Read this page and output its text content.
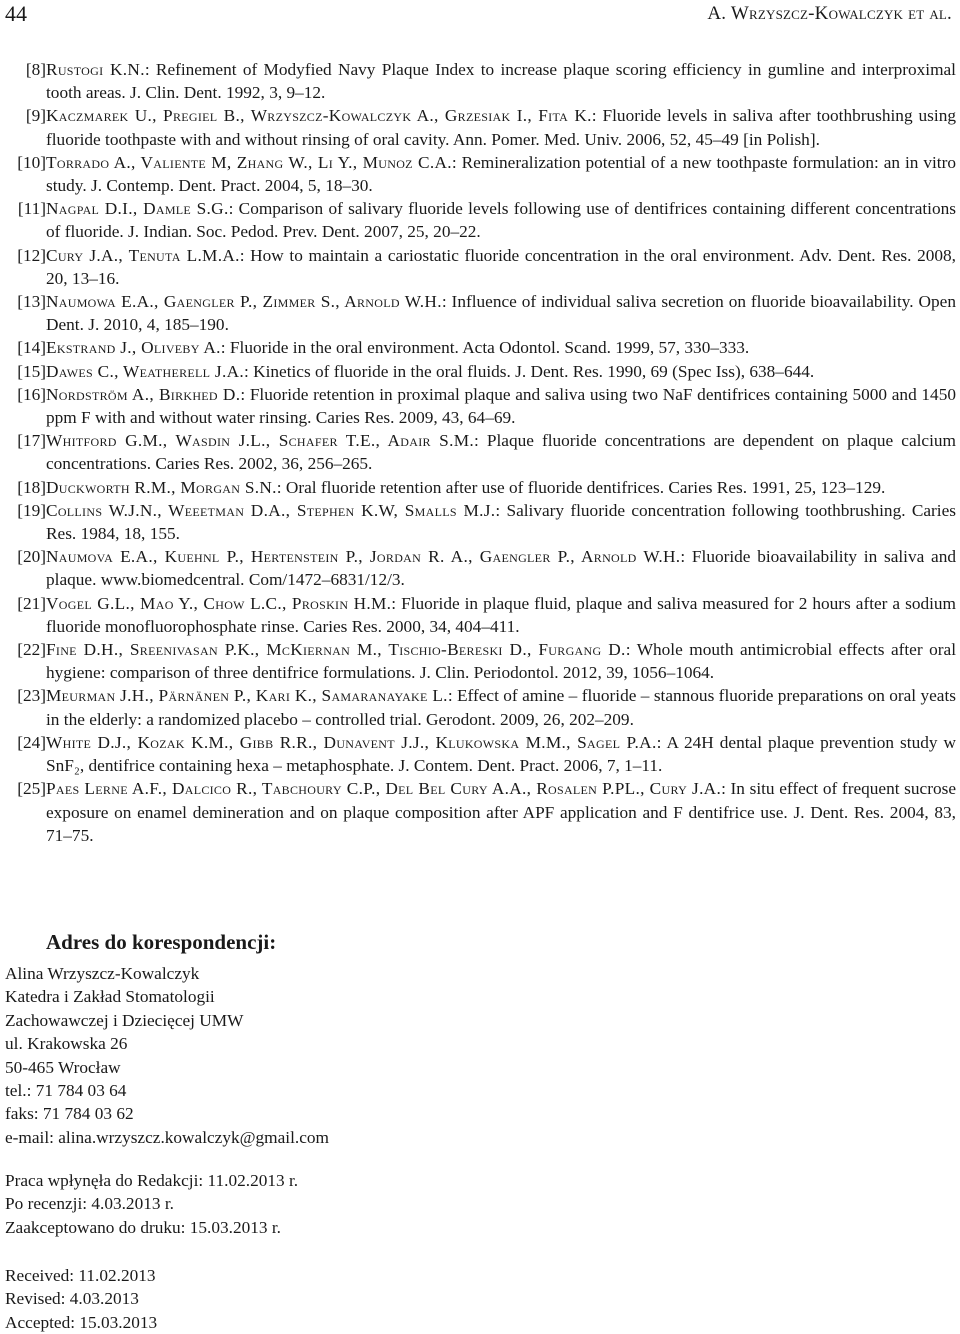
44	A. Wrzyszcz-Kowalczyk et al.
[8] Rustogi K.N.: Refinement of Modyfied Navy Plaque Index to increase plaque scoring efficiency in gumline and interproximal tooth areas. J. Clin. Dent. 1992, 3, 9–12.
[9] Kaczmarek U., Pregiel B., Wrzyszcz-Kowalczyk A., Grzesiak I., Fita K.: Fluoride levels in saliva after toothbrushing using fluoride toothpaste with and without rinsing of oral cavity. Ann. Pomer. Med. Univ. 2006, 52, 45–49 [in Polish].
[10] Torrado A., Valiente M, Zhang W., Li Y., Munoz C.A.: Remineralization potential of a new toothpaste formulation: an in vitro study. J. Contemp. Dent. Pract. 2004, 5, 18–30.
[11] Nagpal D.I., Damle S.G.: Comparison of salivary fluoride levels following use of dentifrices containing different concentrations of fluoride. J. Indian. Soc. Pedod. Prev. Dent. 2007, 25, 20–22.
[12] Cury J.A., Tenuta L.M.A.: How to maintain a cariostatic fluoride concentration in the oral environment. Adv. Dent. Res. 2008, 20, 13–16.
[13] Naumowa E.A., Gaengler P., Zimmer S., Arnold W.H.: Influence of individual saliva secretion on fluoride bioavailability. Open Dent. J. 2010, 4, 185–190.
[14] Ekstrand J., Oliveby A.: Fluoride in the oral environment. Acta Odontol. Scand. 1999, 57, 330–333.
[15] Dawes C., Weatherell J.A.: Kinetics of fluoride in the oral fluids. J. Dent. Res. 1990, 69 (Spec Iss), 638–644.
[16] Nordström A., Birkhed D.: Fluoride retention in proximal plaque and saliva using two NaF dentifrices containing 5000 and 1450 ppm F with and without water rinsing. Caries Res. 2009, 43, 64–69.
[17] Whitford G.M., Wasdin J.L., Schafer T.E., Adair S.M.: Plaque fluoride concentrations are dependent on plaque calcium concentrations. Caries Res. 2002, 36, 256–265.
[18] Duckworth R.M., Morgan S.N.: Oral fluoride retention after use of fluoride dentifrices. Caries Res. 1991, 25, 123–129.
[19] Collins W.J.N., Weeetman D.A., Stephen K.W, Smalls M.J.: Salivary fluoride concentration following toothbrushing. Caries Res. 1984, 18, 155.
[20] Naumova E.A., Kuehnl P., Hertenstein P., Jordan R. A., Gaengler P., Arnold W.H.: Fluoride bioavailability in saliva and plaque. www.biomedcentral. Com/1472–6831/12/3.
[21] Vogel G.L., Mao Y., Chow L.C., Proskin H.M.: Fluoride in plaque fluid, plaque and saliva measured for 2 hours after a sodium fluoride monofluorophosphate rinse. Caries Res. 2000, 34, 404–411.
[22] Fine D.H., Sreenivasan P.K., McKiernan M., Tischio-Bereski D., Furgang D.: Whole mouth antimicrobial effects after oral hygiene: comparison of three dentifrice formulations. J. Clin. Periodontol. 2012, 39, 1056–1064.
[23] Meurman J.H., Pärnänen P., Kari K., Samaranayake L.: Effect of amine – fluoride – stannous fluoride preparations on oral yeats in the elderly: a randomized placebo – controlled trial. Gerodont. 2009, 26, 202–209.
[24] White D.J., Kozak K.M., Gibb R.R., Dunavent J.J., Klukowska M.M., Sagel P.A.: A 24H dental plaque prevention study w SnF₂, dentifrice containing hexa – metaphosphate. J. Contem. Dent. Pract. 2006, 7, 1–11.
[25] Paes Lerne A.F., Dalcico R., Tabchoury C.P., Del Bel Cury A.A., Rosalen P.PL., Cury J.A.: In situ effect of frequent sucrose exposure on enamel demineration and on plaque composition after APF application and F dentifrice use. J. Dent. Res. 2004, 83, 71–75.
Adres do korespondencji:
Alina Wrzyszcz-Kowalczyk
Katedra i Zakład Stomatologii
Zachowawczej i Dziecięcej UMW
ul. Krakowska 26
50-465 Wrocław
tel.: 71 784 03 64
faks: 71 784 03 62
e-mail: alina.wrzyszcz.kowalczyk@gmail.com
Praca wpłynęła do Redakcji: 11.02.2013 r.
Po recenzji: 4.03.2013 r.
Zaakceptowano do druku: 15.03.2013 r.
Received: 11.02.2013
Revised: 4.03.2013
Accepted: 15.03.2013
